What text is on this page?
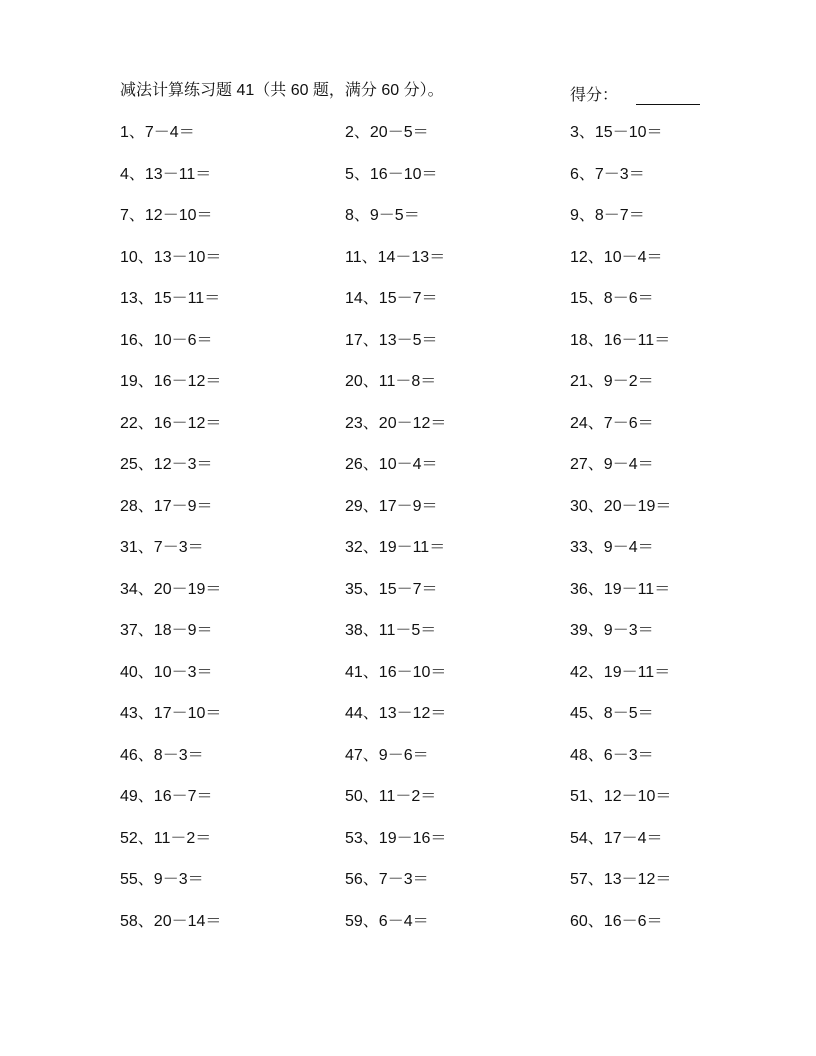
减法计算练习题 41（共 60 题，满分 60 分）。	得分：
1、7－4＝	2、20－5＝	3、15－10＝
4、13－11＝	5、16－10＝	6、7－3＝
7、12－10＝	8、9－5＝	9、8－7＝
10、13－10＝	11、14－13＝	12、10－4＝
13、15－11＝	14、15－7＝	15、8－6＝
16、10－6＝	17、13－5＝	18、16－11＝
19、16－12＝	20、11－8＝	21、9－2＝
22、16－12＝	23、20－12＝	24、7－6＝
25、12－3＝	26、10－4＝	27、9－4＝
28、17－9＝	29、17－9＝	30、20－19＝
31、7－3＝	32、19－11＝	33、9－4＝
34、20－19＝	35、15－7＝	36、19－11＝
37、18－9＝	38、11－5＝	39、9－3＝
40、10－3＝	41、16－10＝	42、19－11＝
43、17－10＝	44、13－12＝	45、8－5＝
46、8－3＝	47、9－6＝	48、6－3＝
49、16－7＝	50、11－2＝	51、12－10＝
52、11－2＝	53、19－16＝	54、17－4＝
55、9－3＝	56、7－3＝	57、13－12＝
58、20－14＝	59、6－4＝	60、16－6＝
